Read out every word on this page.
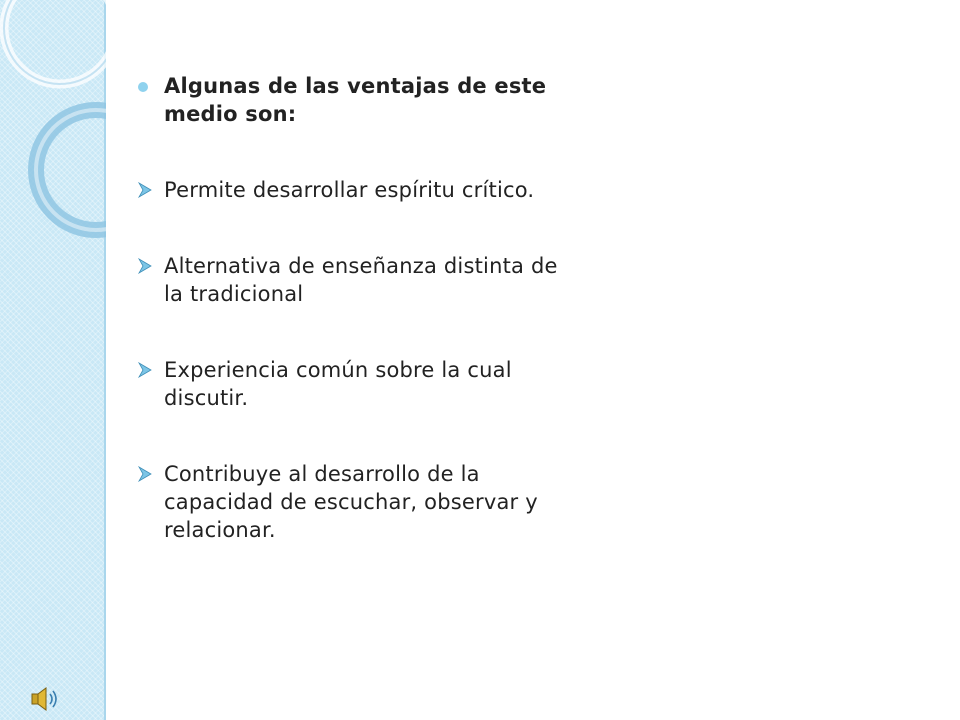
Algunas de las ventajas de este medio son:

Permite desarrollar espíritu crítico.

Alternativa de enseñanza distinta de la tradicional

Experiencia común sobre la cual discutir.

Contribuye al desarrollo de la capacidad de escuchar, observar y relacionar.
